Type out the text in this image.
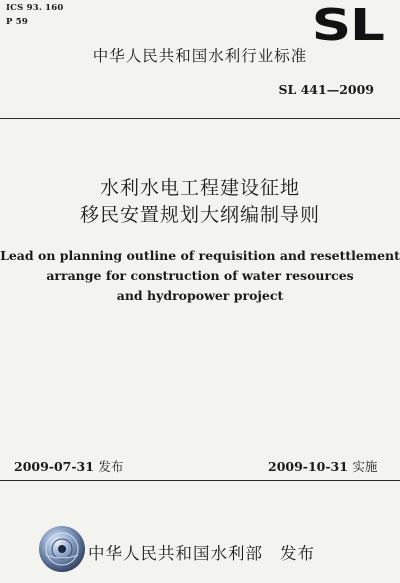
ICS 93. 160
P 59	SL
中华人民共和国水利行业标准
SL 441—2009
水利水电工程建设征地
移民安置规划大纲编制导则
Lead on planning outline of requisition and resettlement
arrange for construction of water resources
and hydropower project
2009-07-31 发布	2009-10-31 实施
中华人民共和国水利部 发布
